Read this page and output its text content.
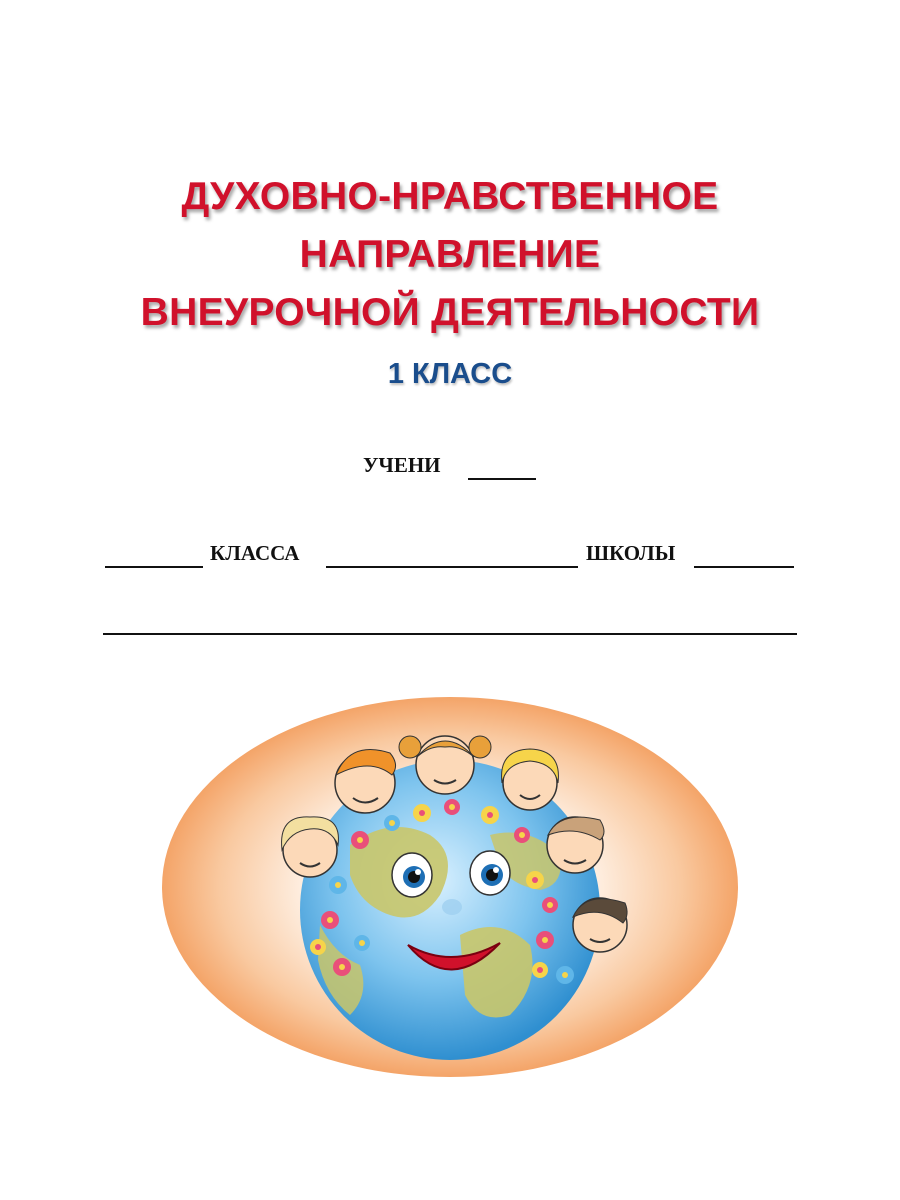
ДУХОВНО-НРАВСТВЕННОЕ
НАПРАВЛЕНИЕ
ВНЕУРОЧНОЙ ДЕЯТЕЛЬНОСТИ
1 КЛАСС
УЧЕНИ
КЛАССА	ШКОЛЫ
